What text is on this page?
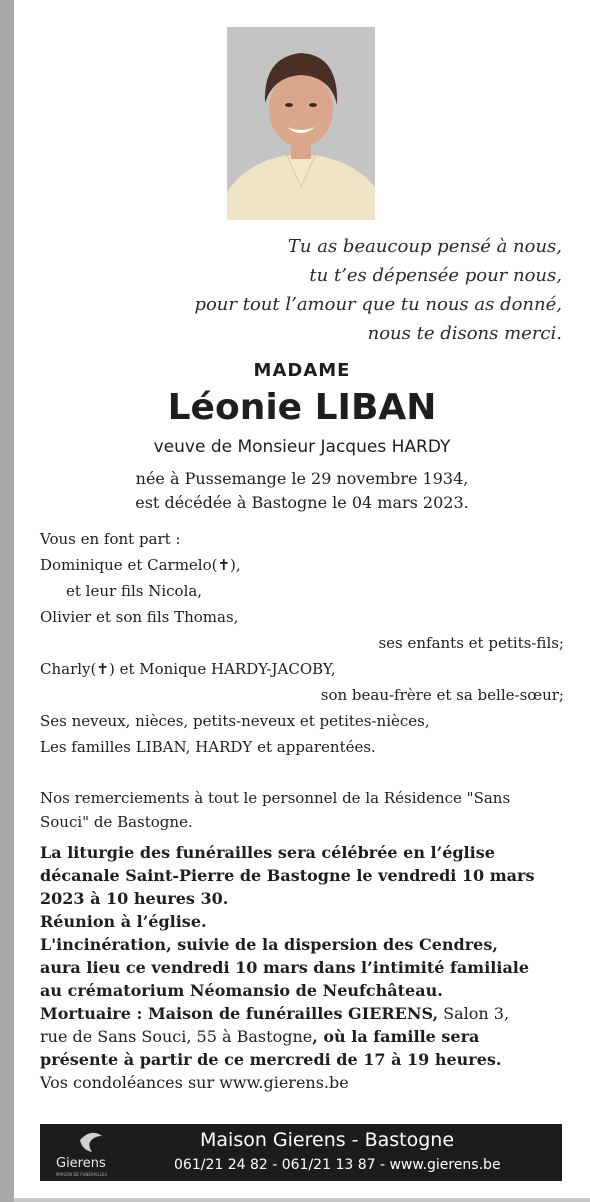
Tu as beaucoup pensé à nous,
tu t’es dépensée pour nous,
pour tout l’amour que tu nous as donné,
nous te disons merci.
MADAME
Léonie LIBAN
veuve de Monsieur Jacques HARDY
née à Pussemange le 29 novembre 1934,
est décédée à Bastogne le 04 mars 2023.
Vous en font part :
Dominique et Carmelo(✝),
et leur fils Nicola,
Olivier et son fils Thomas,
ses enfants et petits-fils;
Charly(✝) et Monique HARDY-JACOBY,
son beau-frère et sa belle-sœur;
Ses neveux, nièces, petits-neveux et petites-nièces,
Les familles LIBAN, HARDY et apparentées.
Nos remerciements à tout le personnel de la Résidence "Sans Souci" de Bastogne.
La liturgie des funérailles sera célébrée en l’église
décanale Saint-Pierre de Bastogne le vendredi 10 mars
2023 à 10 heures 30.
Réunion à l’église.
L'incinération, suivie de la dispersion des Cendres,
aura lieu ce vendredi 10 mars dans l’intimité familiale
au crématorium Néomansio de Neufchâteau.
Mortuaire : Maison de funérailles GIERENS, Salon 3,
rue de Sans Souci, 55 à Bastogne, où la famille sera
présente à partir de ce mercredi de 17 à 19 heures.
Vos condoléances sur www.gierens.be
Gierens
MAISON DE FUNÉRAILLES
Maison Gierens - Bastogne
061/21 24 82 - 061/21 13 87 - www.gierens.be
